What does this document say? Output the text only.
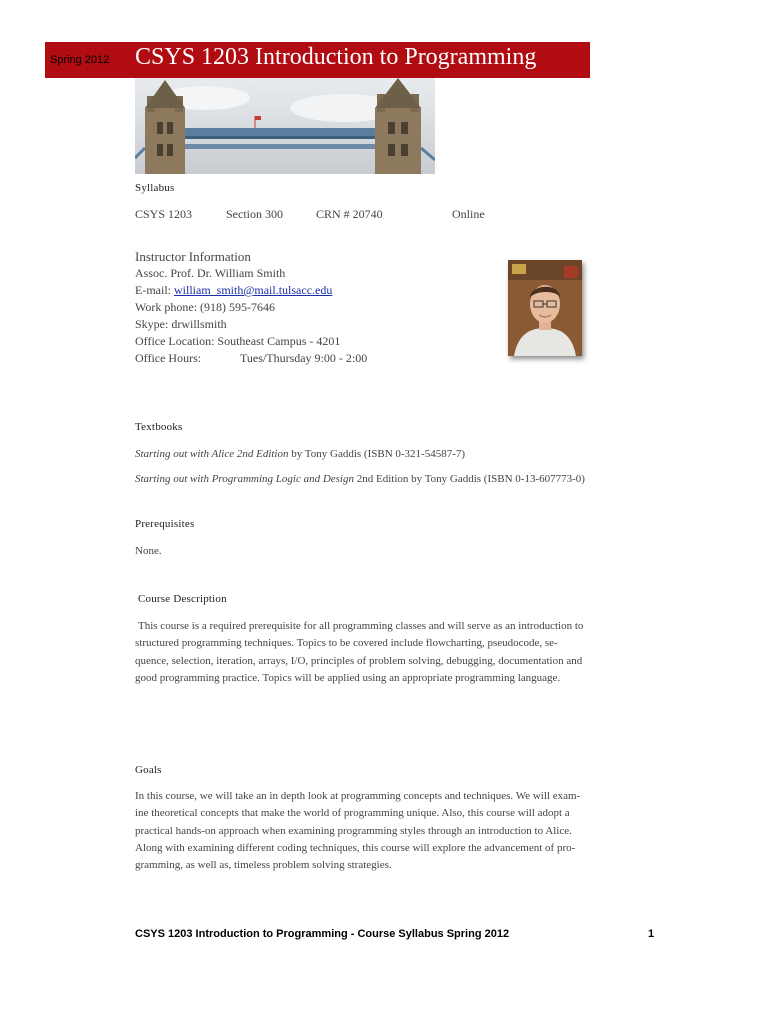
Spring 2012 CSYS 1203 Introduction to Programming
Syllabus
CSYS 1203	Section 300	CRN # 20740	Online
Instructor Information
Assoc. Prof. Dr. William Smith
E-mail: william_smith@mail.tulsacc.edu
Work phone: (918) 595-7646
Skype: drwillsmith
Office Location: Southeast Campus - 4201
Office Hours:	Tues/Thursday 9:00 - 2:00
Textbooks
Starting out with Alice 2nd Edition by Tony Gaddis (ISBN 0-321-54587-7)
Starting out with Programming Logic and Design 2nd Edition by Tony Gaddis (ISBN 0-13-607773-0)
Prerequisites
None.
Course Description
This course is a required prerequisite for all programming classes and will serve as an introduction to
structured programming techniques. Topics to be covered include flowcharting, pseudocode, se-
quence, selection, iteration, arrays, I/O, principles of problem solving, debugging, documentation and
good programming practice. Topics will be applied using an appropriate programming language.
Goals
In this course, we will take an in depth look at programming concepts and techniques. We will exam-
ine theoretical concepts that make the world of programming unique. Also, this course will adopt a
practical hands-on approach when examining programming styles through an introduction to Alice.
Along with examining different coding techniques, this course will explore the advancement of pro-
gramming, as well as, timeless problem solving strategies.
CSYS 1203 Introduction to Programming - Course Syllabus Spring 2012	1
